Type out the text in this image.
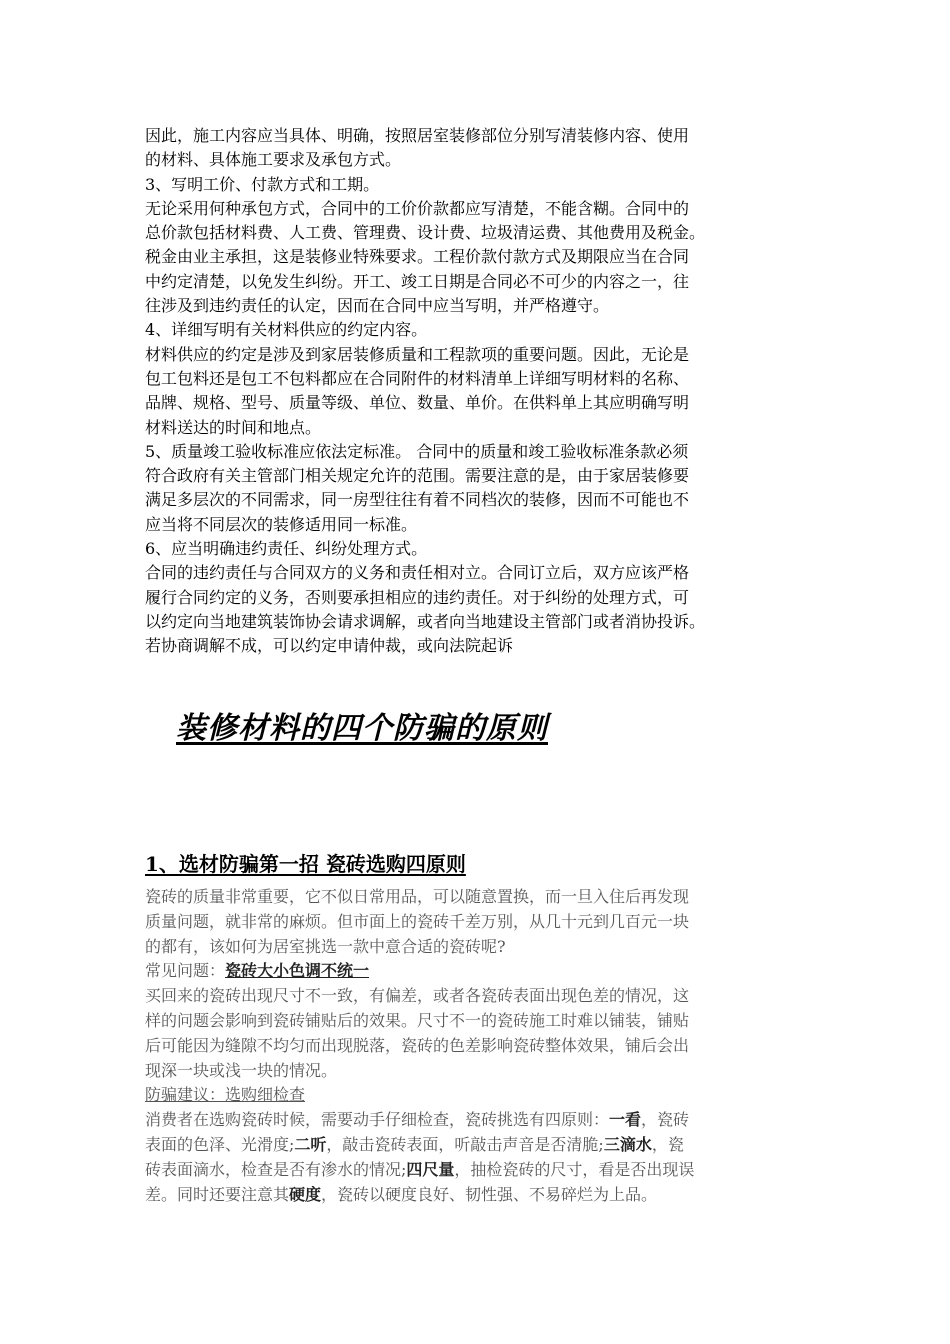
因此，施工内容应当具体、明确，按照居室装修部位分别写清装修内容、使用
的材料、具体施工要求及承包方式。
3、写明工价、付款方式和工期。
无论采用何种承包方式，合同中的工价价款都应写清楚，不能含糊。合同中的
总价款包括材料费、人工费、管理费、设计费、垃圾清运费、其他费用及税金。
税金由业主承担，这是装修业特殊要求。工程价款付款方式及期限应当在合同
中约定清楚，以免发生纠纷。开工、竣工日期是合同必不可少的内容之一，往
往涉及到违约责任的认定，因而在合同中应当写明，并严格遵守。
4、详细写明有关材料供应的约定内容。
材料供应的约定是涉及到家居装修质量和工程款项的重要问题。因此，无论是
包工包料还是包工不包料都应在合同附件的材料清单上详细写明材料的名称、
品牌、规格、型号、质量等级、单位、数量、单价。在供料单上其应明确写明
材料送达的时间和地点。
5、质量竣工验收标准应依法定标准。 合同中的质量和竣工验收标准条款必须
符合政府有关主管部门相关规定允许的范围。需要注意的是，由于家居装修要
满足多层次的不同需求，同一房型往往有着不同档次的装修，因而不可能也不
应当将不同层次的装修适用同一标准。
6、应当明确违约责任、纠纷处理方式。
合同的违约责任与合同双方的义务和责任相对立。合同订立后，双方应该严格
履行合同约定的义务，否则要承担相应的违约责任。对于纠纷的处理方式，可
以约定向当地建筑装饰协会请求调解，或者向当地建设主管部门或者消协投诉。
若协商调解不成，可以约定申请仲裁，或向法院起诉
装修材料的四个防骗的原则
1、选材防骗第一招 瓷砖选购四原则
瓷砖的质量非常重要，它不似日常用品，可以随意置换，而一旦入住后再发现
质量问题，就非常的麻烦。但市面上的瓷砖千差万别，从几十元到几百元一块
的都有，该如何为居室挑选一款中意合适的瓷砖呢?
常见问题：瓷砖大小色调不统一
买回来的瓷砖出现尺寸不一致，有偏差，或者各瓷砖表面出现色差的情况，这
样的问题会影响到瓷砖铺贴后的效果。尺寸不一的瓷砖施工时难以铺装，铺贴
后可能因为缝隙不均匀而出现脱落，瓷砖的色差影响瓷砖整体效果，铺后会出
现深一块或浅一块的情况。
防骗建议：选购细检查
消费者在选购瓷砖时候，需要动手仔细检查，瓷砖挑选有四原则：一看，瓷砖
表面的色泽、光滑度;二听，敲击瓷砖表面，听敲击声音是否清脆;三滴水，瓷
砖表面滴水，检查是否有渗水的情况;四尺量，抽检瓷砖的尺寸，看是否出现误
差。同时还要注意其硬度，瓷砖以硬度良好、韧性强、不易碎烂为上品。
